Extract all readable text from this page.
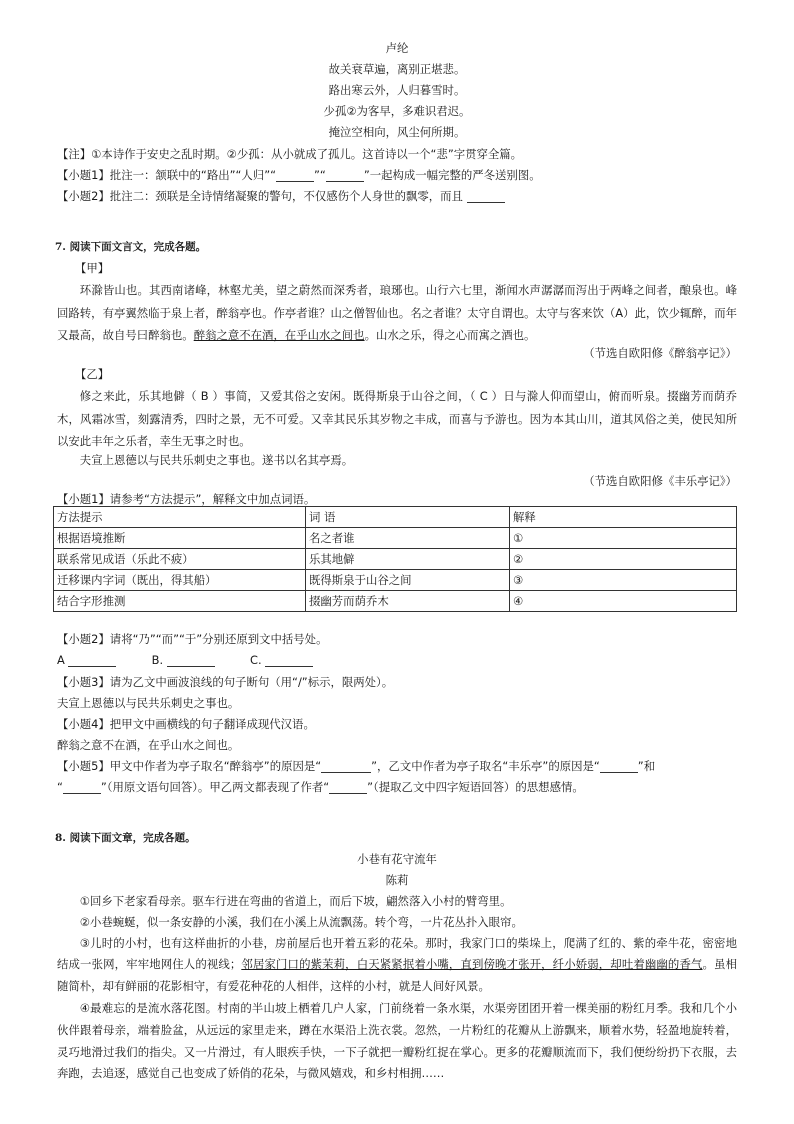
卢纶
故关衰草遍，离别正堪悲。
路出寒云外，人归暮雪时。
少孤②为客早，多难识君迟。
掩泣空相向，风尘何所期。
【注】①本诗作于安史之乱时期。②少孤：从小就成了孤儿。这首诗以一个“悲”字贯穿全篇。
【小题1】批注一：颔联中的“路出”“人归”“	”“	”一起构成一幅完整的严冬送别图。
【小题2】批注二：颈联是全诗情绪凝聚的警句，不仅感伤个人身世的飘零，而且
7. 阅读下面文言文，完成各题。
【甲】
环滁皆山也。其西南诸峰，林壑尤美，望之蔚然而深秀者，琅琊也。山行六七里，渐闻水声潺潺而泻出于两峰之间者，酿泉也。峰回路转，有亭翼然临于泉上者，醉翁亭也。作亭者谁？山之僧智仙也。名之者谁？太守自谓也。太守与客来饮（A）此，饮少辄醉，而年又最高，故自号曰醉翁也。醉翁之意不在酒，在乎山水之间也。山水之乐，得之心而寓之酒也。
（节选自欧阳修《醉翁亭记》）
【乙】
修之来此，乐其地僻（ B ）事简，又爱其俗之安闲。既得斯泉于山谷之间，（ C ）日与滁人仰而望山，俯而听泉。掇幽芳而荫乔木，风霜冰雪，刻露清秀，四时之景，无不可爱。又幸其民乐其岁物之丰成，而喜与予游也。因为本其山川，道其风俗之美，使民知所以安此丰年之乐者，幸生无事之时也。
夫宣上恩德以与民共乐刺史之事也。遂书以名其亭焉。
（节选自欧阳修《丰乐亭记》）
【小题1】请参考“方法提示”，解释文中加点词语。
方法提示	词 语	解释
根据语境推断	名之者谁	①
联系常见成语（乐此不疲）	乐其地僻	②
迁移课内字词（既出，得其船）	既得斯泉于山谷之间	③
结合字形推测	掇幽芳而荫乔木	④
【小题2】请将“乃”“而”“于”分别还原到文中括号处。
A	B.	C.
【小题3】请为乙文中画波浪线的句子断句（用“/”标示，限两处）。
夫宣上恩德以与民共乐刺史之事也。
【小题4】把甲文中画横线的句子翻译成现代汉语。
醉翁之意不在酒，在乎山水之间也。
【小题5】甲文中作者为亭子取名“醉翁亭”的原因是“	”，乙文中作者为亭子取名“丰乐亭”的原因是“	”和
“	”（用原文语句回答）。甲乙两文都表现了作者“	”（提取乙文中四字短语回答）的思想感情。
8. 阅读下面文章，完成各题。
小巷有花守流年
陈莉
①回乡下老家看母亲。驱车行进在弯曲的省道上，而后下坡，翩然落入小村的臂弯里。
②小巷蜿蜒，似一条安静的小溪，我们在小溪上从流飘荡。转个弯，一片花丛扑入眼帘。
③儿时的小村，也有这样曲折的小巷，房前屋后也开着五彩的花朵。那时，我家门口的柴垛上，爬满了红的、紫的牵牛花，密密地结成一张网，牢牢地网住人的视线；邻居家门口的紫茉莉，白天紧紧抿着小嘴，直到傍晚才张开，纤小娇弱，却吐着幽幽的香气。虽相随简朴，却有鲜丽的花影相守，有爱花种花的人相伴，这样的小村，就是人间好风景。
④最难忘的是流水落花图。村南的半山坡上栖着几户人家，门前绕着一条水渠，水渠旁团团开着一棵美丽的粉红月季。我和几个小伙伴跟着母亲，端着脸盆，从远远的家里走来，蹲在水渠沿上洗衣裳。忽然，一片粉红的花瓣从上游飘来，顺着水势，轻盈地旋转着，灵巧地滑过我们的指尖。又一片滑过，有人眼疾手快，一下子就把一瓣粉红捉在掌心。更多的花瓣顺流而下，我们便纷纷扔下衣服，去奔跑，去追逐，感觉自己也变成了娇俏的花朵，与微风嬉戏，和乡村相拥……
